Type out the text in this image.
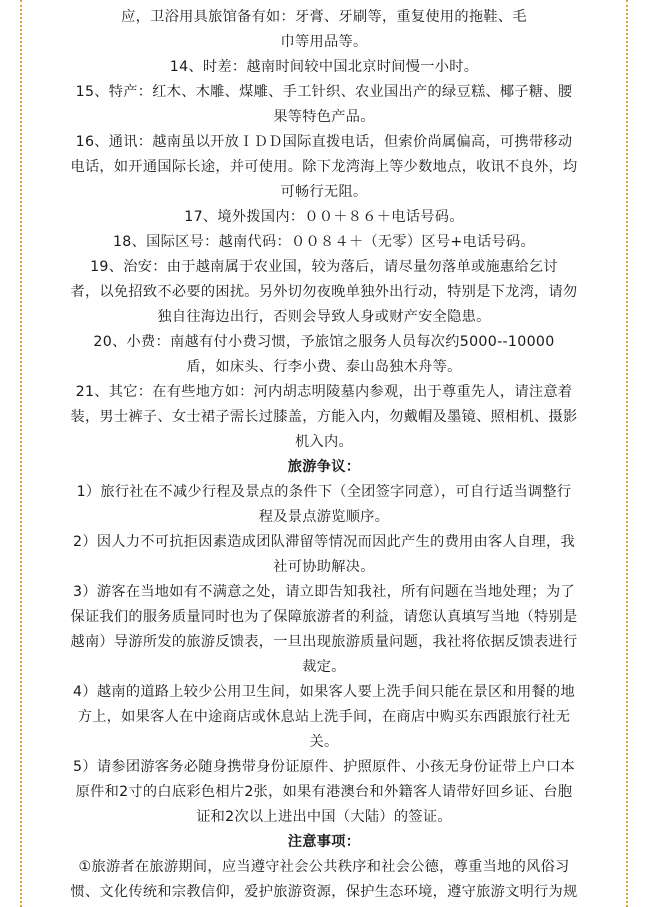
应，卫浴用具旅馆备有如：牙膏、牙刷等，重复使用的拖鞋、毛
巾等用品等。
14、时差：越南时间较中国北京时间慢一小时。
15、特产：红木、木雕、煤雕、手工针织、农业国出产的绿豆糕、椰子糖、腰
果等特色产品。
16、通讯：越南虽以开放ＩＤＤ国际直拨电话，但索价尚属偏高，可携带移动
电话，如开通国际长途，并可使用。除下龙湾海上等少数地点，收讯不良外，均
可畅行无阻。
17、境外拨国内：００＋８６＋电话号码。
18、国际区号：越南代码：００８４＋（无零）区号+电话号码。
19、治安：由于越南属于农业国，较为落后，请尽量勿落单或施惠给乞讨
者，以免招致不必要的困扰。另外切勿夜晚单独外出行动，特别是下龙湾，请勿
独自往海边出行，否则会导致人身或财产安全隐患。
20、小费：南越有付小费习惯，予旅馆之服务人员每次约5000--10000
盾，如床头、行李小费、泰山岛独木舟等。
21、其它：在有些地方如：河内胡志明陵墓内参观，出于尊重先人，请注意着
装，男士裤子、女士裙子需长过膝盖，方能入内，勿戴帽及墨镜、照相机、摄影
机入内。
旅游争议：
1）旅行社在不减少行程及景点的条件下（全团签字同意），可自行适当调整行
程及景点游览顺序。
2）因人力不可抗拒因素造成团队滞留等情况而因此产生的费用由客人自理，我
社可协助解决。
3）游客在当地如有不满意之处，请立即告知我社，所有问题在当地处理；为了
保证我们的服务质量同时也为了保障旅游者的利益，请您认真填写当地（特别是
越南）导游所发的旅游反馈表，一旦出现旅游质量问题，我社将依据反馈表进行
裁定。
4）越南的道路上较少公用卫生间，如果客人要上洗手间只能在景区和用餐的地
方上，如果客人在中途商店或休息站上洗手间，在商店中购买东西跟旅行社无
关。
5）请参团游客务必随身携带身份证原件、护照原件、小孩无身份证带上户口本
原件和2寸的白底彩色相片2张，如果有港澳台和外籍客人请带好回乡证、台胞
证和2次以上进出中国（大陆）的签证。
注意事项：
①旅游者在旅游期间，应当遵守社会公共秩序和社会公德，尊重当地的风俗习
惯、文化传统和宗教信仰，爱护旅游资源，保护生态环境，遵守旅游文明行为规
